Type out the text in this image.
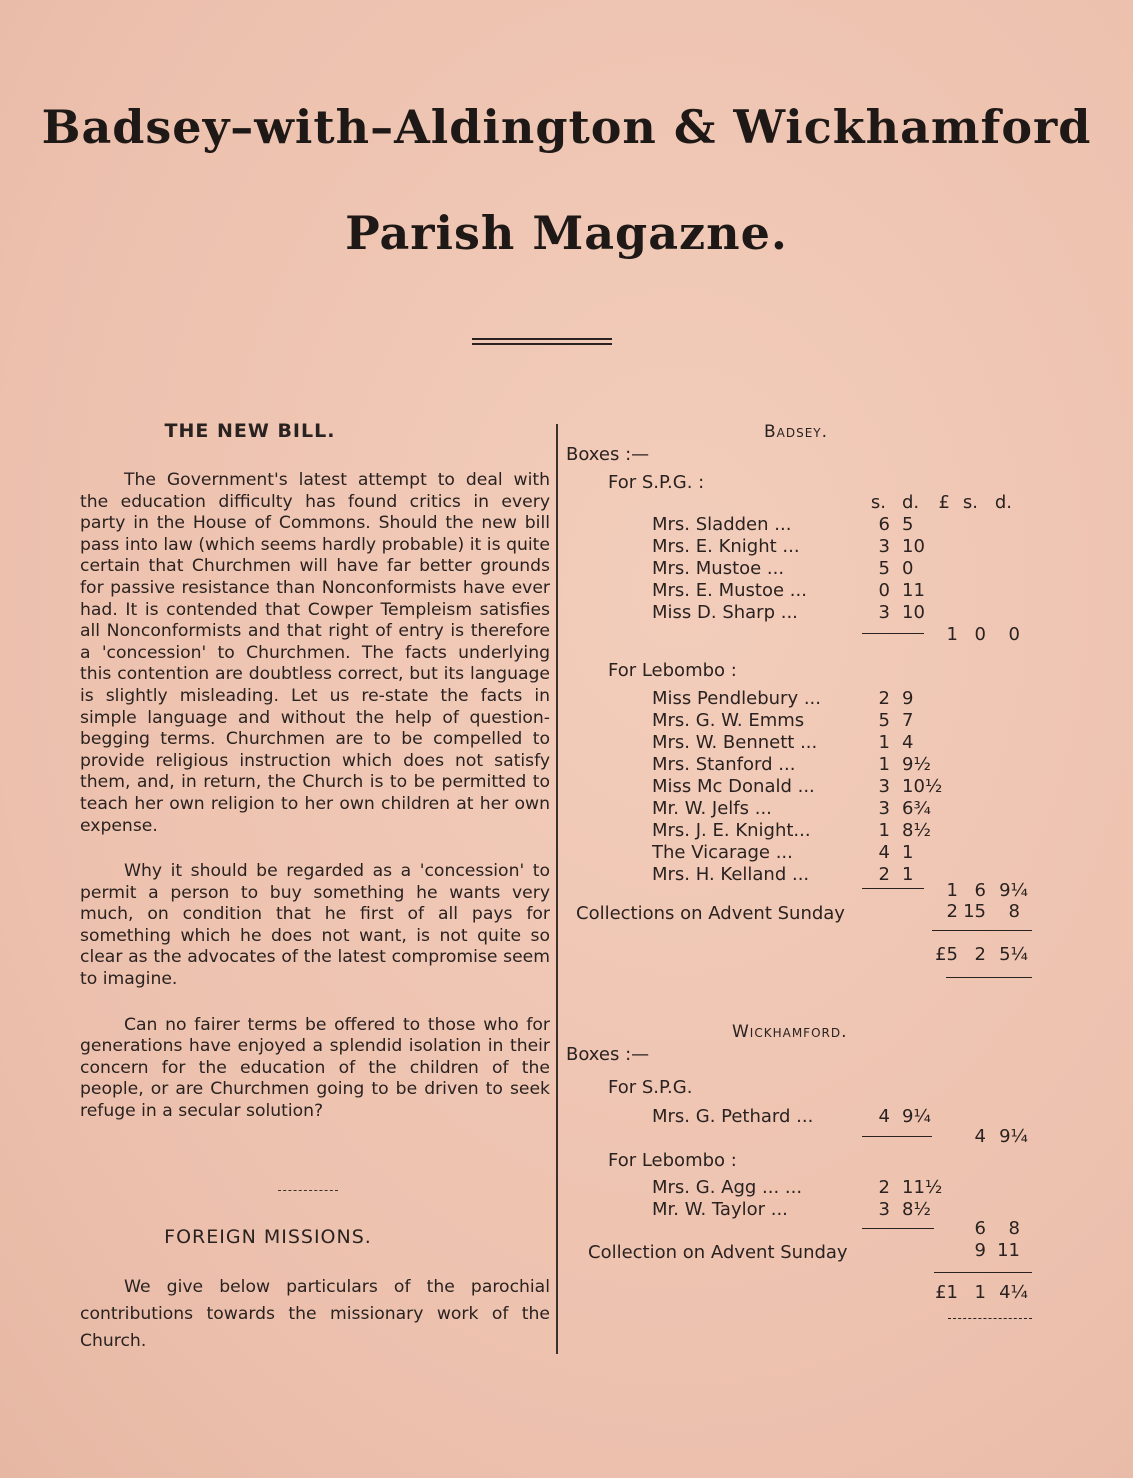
Badsey–with–Aldington & Wickhamford
Parish Magazne.
THE NEW BILL.

The Government's latest attempt to deal with the education difficulty has found critics in every party in the House of Commons. Should the new bill pass into law (which seems hardly probable) it is quite certain that Churchmen will have far better grounds for passive resistance than Nonconformists have ever had. It is contended that Cowper Templeism satisfies all Nonconformists and that right of entry is therefore a 'concession' to Churchmen. The facts underlying this contention are doubtless correct, but its language is slightly misleading. Let us re-state the facts in simple language and without the help of question-begging terms. Churchmen are to be compelled to provide religious instruction which does not satisfy them, and, in return, the Church is to be permitted to teach her own religion to her own children at her own expense.

Why it should be regarded as a 'concession' to permit a person to buy something he wants very much, on condition that he first of all pays for something which he does not want, is not quite so clear as the advocates of the latest compromise seem to imagine.

Can no fairer terms be offered to those who for generations have enjoyed a splendid isolation in their concern for the education of the children of the people, or are Churchmen going to be driven to seek refuge in a secular solution?

FOREIGN MISSIONS.

We give below particulars of the parochial contributions towards the missionary work of the Church.

Badsey.
Boxes :—
For S.P.G. :
s. d.	£ s. d.
Mrs. Sladden ...	6 5
Mrs. E. Knight ...	3 10
Mrs. Mustoe ...	5 0
Mrs. E. Mustoe ...	0 11
Miss D. Sharp ...	3 10
1 0	0
For Lebombo :
Miss Pendlebury ...	2 9
Mrs. G. W. Emms	5 7
Mrs. W. Bennett ...	1 4
Mrs. Stanford ...	1 9½
Miss Mc Donald ...	3 10½
Mr. W. Jelfs ...	3 6¾
Mrs. J. E. Knight...	1 8½
The Vicarage ...	4 1
Mrs. H. Kelland ...	2 1
1 6 9¼
Collections on Advent Sunday	2 15	8
£5 2 5¼
Wickhamford.
Boxes :—
For S.P.G.
Mrs. G. Pethard ...	4 9¼
4 9¼
For Lebombo :
Mrs. G. Agg ... ...	2 11½
Mr. W. Taylor ...	3 8½
6	8
Collection on Advent Sunday	9 11
£1 1 4¼
